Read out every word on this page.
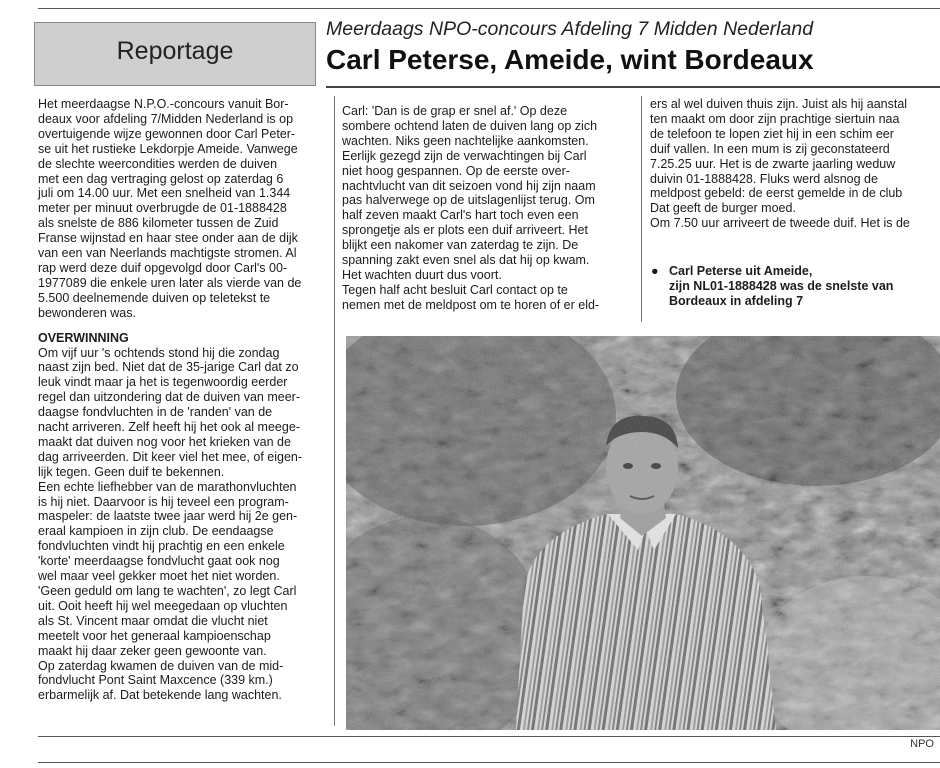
Reportage
Meerdaags NPO-concours Afdeling 7 Midden Nederland
Carl Peterse, Ameide, wint Bordeaux

Het meerdaagse N.P.O.-concours vanuit Bor-

deaux voor afdeling 7/Midden Nederland is op

overtuigende wijze gewonnen door Carl Peter-

se uit het rustieke Lekdorpje Ameide. Vanwege

de slechte weercondities werden de duiven

met een dag vertraging gelost op zaterdag 6

juli om 14.00 uur. Met een snelheid van 1.344

meter per minuut overbrugde de 01-1888428

als snelste de 886 kilometer tussen de Zuid

Franse wijnstad en haar stee onder aan de dijk

van een van Neerlands machtigste stromen. Al

rap werd deze duif opgevolgd door Carl's 00-

1977089 die enkele uren later als vierde van de

5.500 deelnemende duiven op teletekst te

bewonderen was.

OVERWINNING

Om vijf uur 's ochtends stond hij die zondag

naast zijn bed. Niet dat de 35-jarige Carl dat zo

leuk vindt maar ja het is tegenwoordig eerder

regel dan uitzondering dat de duiven van meer-

daagse fondvluchten in de 'randen' van de

nacht arriveren. Zelf heeft hij het ook al meege-

maakt dat duiven nog voor het krieken van de

dag arriveerden. Dit keer viel het mee, of eigen-

lijk tegen. Geen duif te bekennen.

Een echte liefhebber van de marathonvluchten

is hij niet. Daarvoor is hij teveel een program-

maspeler: de laatste twee jaar werd hij 2e gen-

eraal kampioen in zijn club. De eendaagse

fondvluchten vindt hij prachtig en een enkele

'korte' meerdaagse fondvlucht gaat ook nog

wel maar veel gekker moet het niet worden.

'Geen geduld om lang te wachten', zo legt Carl

uit. Ooit heeft hij wel meegedaan op vluchten

als St. Vincent maar omdat die vlucht niet

meetelt voor het generaal kampioenschap

maakt hij daar zeker geen gewoonte van.

Op zaterdag kwamen de duiven van de mid-

fondvlucht Pont Saint Maxcence (339 km.)

erbarmelijk af. Dat betekende lang wachten.

Carl: 'Dan is de grap er snel af.' Op deze

sombere ochtend laten de duiven lang op zich

wachten. Niks geen nachtelijke aankomsten.

Eerlijk gezegd zijn de verwachtingen bij Carl

niet hoog gespannen. Op de eerste over-

nachtvlucht van dit seizoen vond hij zijn naam

pas halverwege op de uitslagenlijst terug. Om

half zeven maakt Carl's hart toch even een

sprongetje als er plots een duif arriveert. Het

blijkt een nakomer van zaterdag te zijn. De

spanning zakt even snel als dat hij op kwam.

Het wachten duurt dus voort.

Tegen half acht besluit Carl contact op te

nemen met de meldpost om te horen of er eld-

ers al wel duiven thuis zijn. Juist als hij aanstal

ten maakt om door zijn prachtige siertuin naa

de telefoon te lopen ziet hij in een schim eer

duif vallen. In een mum is zij geconstateerd

7.25.25 uur. Het is de zwarte jaarling weduw

duivin 01-1888428. Fluks werd alsnog de

meldpost gebeld: de eerst gemelde in de club

Dat geeft de burger moed.

Om 7.50 uur arriveert de tweede duif. Het is de

● Carl Peterse uit Ameide,
zijn NL01-1888428 was de snelste van
Bordeaux in afdeling 7
NPO
